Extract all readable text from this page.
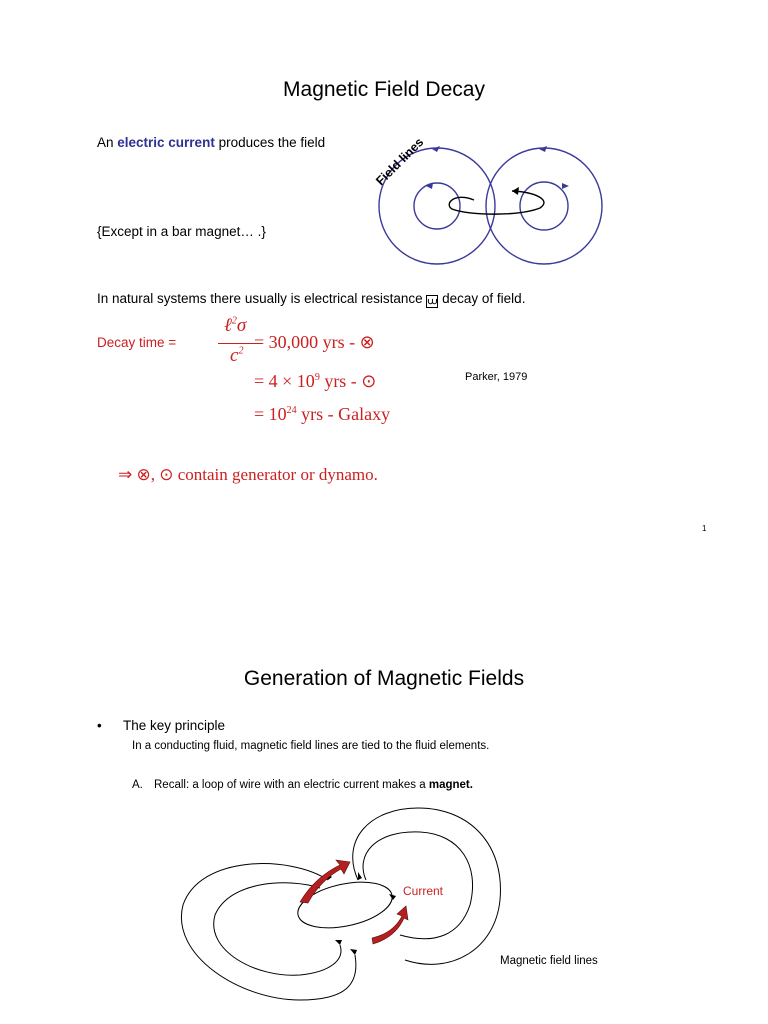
Magnetic Field Decay
An electric current produces the field	Field lines
{Except in a bar magnet… .}
In natural systems there usually is electrical resistance ⩊ decay of field.
Decay time =
ℓ$^2$σ
$c^2 = 30,000$ yrs - ⊗
= $4 \times 10^9$ yrs - ⊙
= $10^{24}$ yrs - Galaxy
Parker, 1979
⇒ ⊗, ⊙ contain generator or dynamo.
1
Generation of Magnetic Fields
• The key principle
In a conducting fluid, magnetic field lines are tied to the fluid elements.
A. Recall: a loop of wire with an electric current makes a magnet.
Current
Magnetic field lines
